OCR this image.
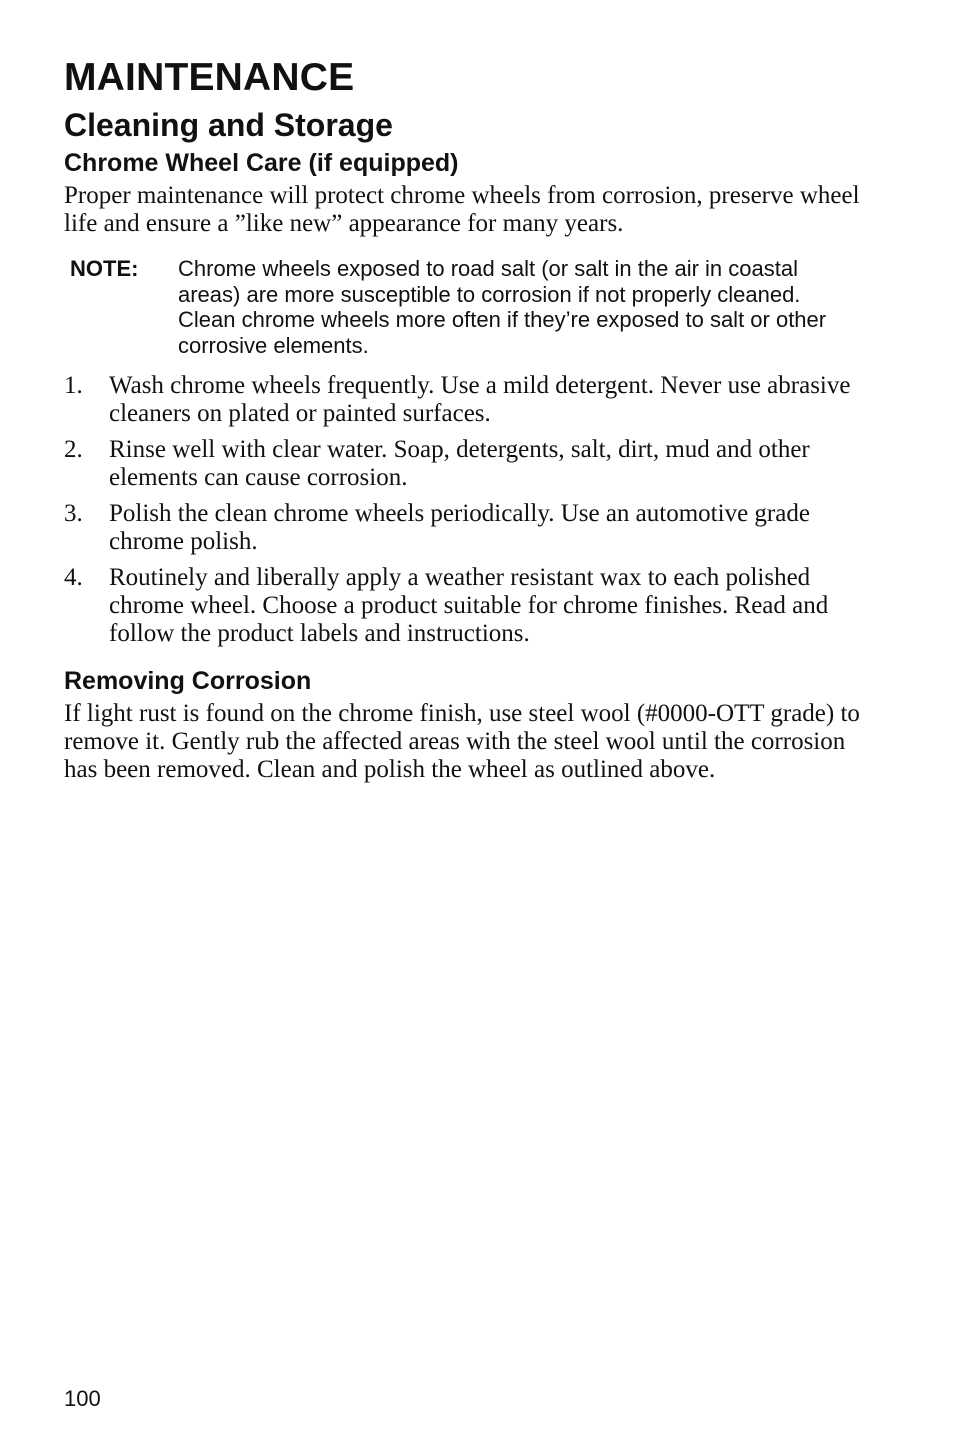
MAINTENANCE
Cleaning and Storage
Chrome Wheel Care (if equipped)

Proper maintenance will protect chrome wheels from corrosion, preserve wheel life and ensure a ”like new” appearance for many years.

NOTE:	Chrome wheels exposed to road salt (or salt in the air in coastal areas) are more susceptible to corrosion if not properly cleaned. Clean chrome wheels more often if they’re exposed to salt or other corrosive elements.
1.	Wash chrome wheels frequently. Use a mild detergent. Never use abrasive cleaners on plated or painted surfaces.
2.	Rinse well with clear water. Soap, detergents, salt, dirt, mud and other elements can cause corrosion.
3.	Polish the clean chrome wheels periodically. Use an automotive grade chrome polish.
4.	Routinely and liberally apply a weather resistant wax to each polished chrome wheel. Choose a product suitable for chrome finishes. Read and follow the product labels and instructions.
Removing Corrosion

If light rust is found on the chrome finish, use steel wool (#0000-OTT grade) to remove it. Gently rub the affected areas with the steel wool until the corrosion has been removed. Clean and polish the wheel as outlined above.

100
